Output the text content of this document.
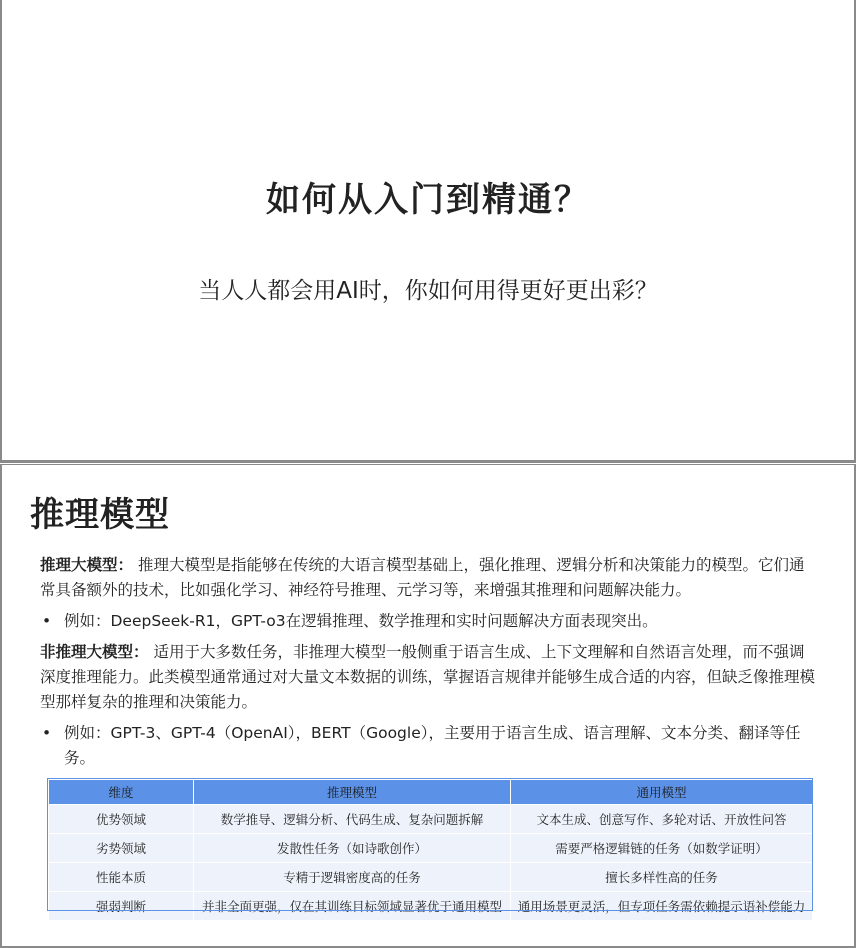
如何从入门到精通？
当人人都会用AI时，你如何用得更好更出彩？
推理模型

推理大模型： 推理大模型是指能够在传统的大语言模型基础上，强化推理、逻辑分析和决策能力的模型。它们通常具备额外的技术，比如强化学习、神经符号推理、元学习等，来增强其推理和问题解决能力。

• 例如：DeepSeek-R1，GPT-o3在逻辑推理、数学推理和实时问题解决方面表现突出。

非推理大模型： 适用于大多数任务，非推理大模型一般侧重于语言生成、上下文理解和自然语言处理，而不强调深度推理能力。此类模型通常通过对大量文本数据的训练，掌握语言规律并能够生成合适的内容，但缺乏像推理模型那样复杂的推理和决策能力。

• 例如：GPT-3、GPT-4（OpenAI），BERT（Google），主要用于语言生成、语言理解、文本分类、翻译等任务。

维度	推理模型	通用模型
优势领域	数学推导、逻辑分析、代码生成、复杂问题拆解	文本生成、创意写作、多轮对话、开放性问答
劣势领域	发散性任务（如诗歌创作）	需要严格逻辑链的任务（如数学证明）
性能本质	专精于逻辑密度高的任务	擅长多样性高的任务
强弱判断	并非全面更强，仅在其训练目标领域显著优于通用模型	通用场景更灵活，但专项任务需依赖提示语补偿能力
